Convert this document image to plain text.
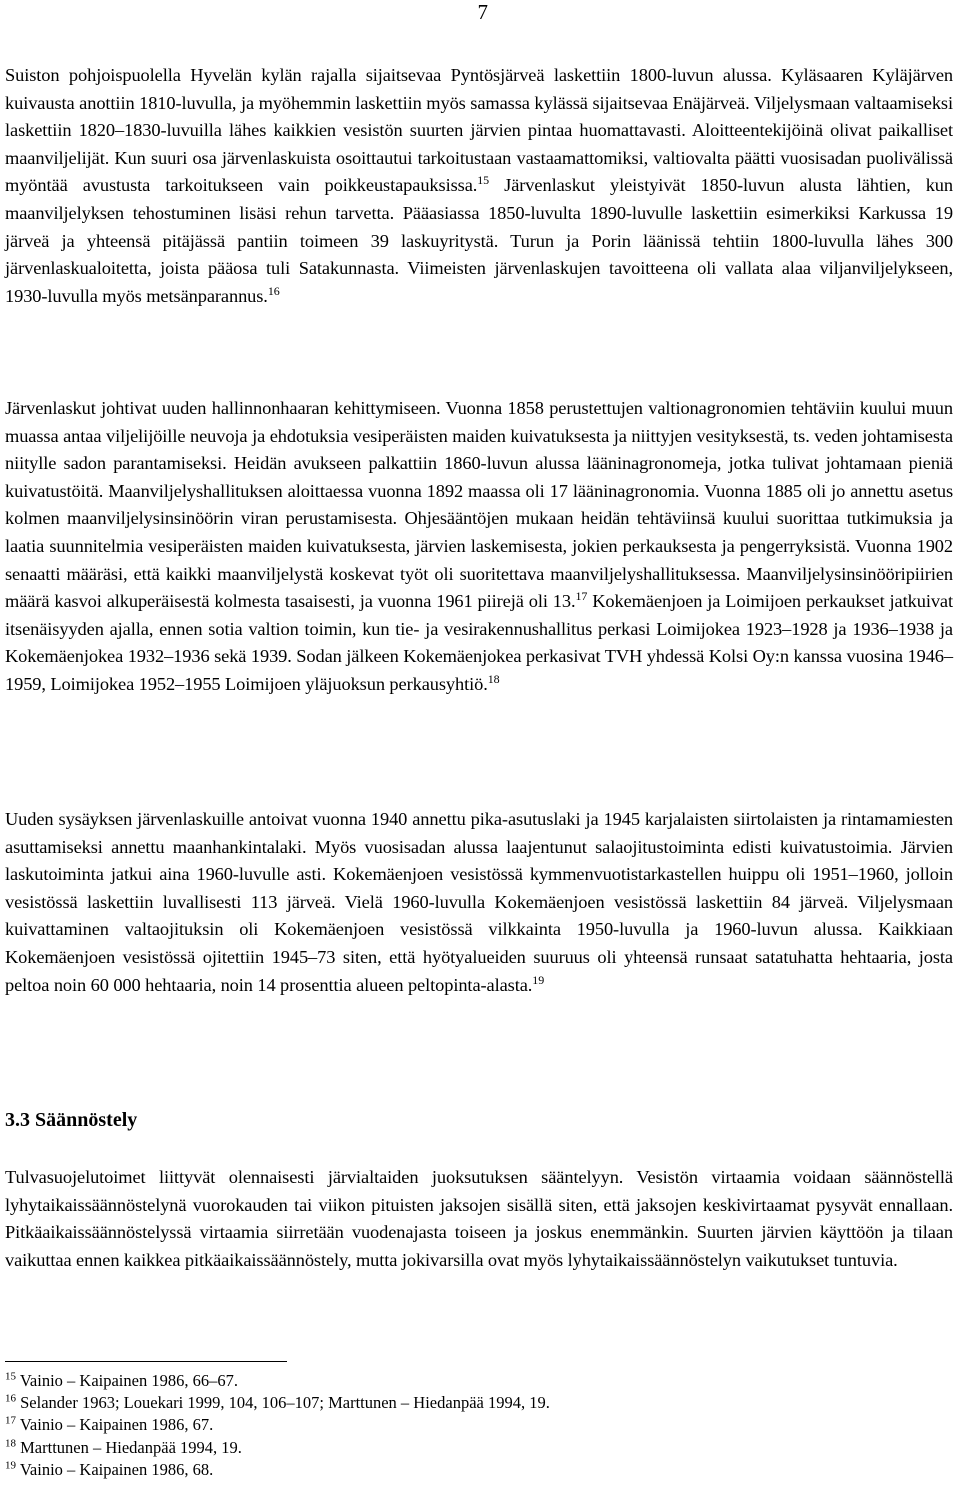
7

Suiston pohjoispuolella Hyvelän kylän rajalla sijaitsevaa Pyntösjärveä laskettiin 1800-luvun alussa. Kyläsaaren Kyläjärven kuivausta anottiin 1810-luvulla, ja myöhemmin laskettiin myös samassa kylässä sijaitsevaa Enäjärveä. Viljelysmaan valtaamiseksi laskettiin 1820–1830-luvuilla lähes kaikkien vesistön suurten järvien pintaa huomattavasti. Aloitteentekijöinä olivat paikalliset maanviljelijät. Kun suuri osa järvenlaskuista osoittautui tarkoitustaan vastaamattomiksi, valtiovalta päätti vuosisadan puolivälissä myöntää avustusta tarkoitukseen vain poikkeustapauksissa.$^{15}$ Järvenlaskut yleistyivät 1850-luvun alusta lähtien, kun maanviljelyksen tehostuminen lisäsi rehun tarvetta. Pääasiassa 1850-luvulta 1890-luvulle laskettiin esimerkiksi Karkussa 19 järveä ja yhteensä pitäjässä pantiin toimeen 39 laskuyritystä. Turun ja Porin läänissä tehtiin 1800-luvulla lähes 300 järvenlaskualoitetta, joista pääosa tuli Satakunnasta. Viimeisten järvenlaskujen tavoitteena oli vallata alaa viljanviljelykseen, 1930-luvulla myös metsänparannus.$^{16}$

Järvenlaskut johtivat uuden hallinnonhaaran kehittymiseen. Vuonna 1858 perustettujen valtionagronomien tehtäviin kuului muun muassa antaa viljelijöille neuvoja ja ehdotuksia vesiperäisten maiden kuivatuksesta ja niittyjen vesityksestä, ts. veden johtamisesta niitylle sadon parantamiseksi. Heidän avukseen palkattiin 1860-luvun alussa lääninagronomeja, jotka tulivat johtamaan pieniä kuivatustöitä. Maanviljelyshallituksen aloittaessa vuonna 1892 maassa oli 17 lääninagronomia. Vuonna 1885 oli jo annettu asetus kolmen maanviljelysinsinöörin viran perustamisesta. Ohjesääntöjen mukaan heidän tehtäviinsä kuului suorittaa tutkimuksia ja laatia suunnitelmia vesiperäisten maiden kuivatuksesta, järvien laskemisesta, jokien perkauksesta ja pengerryksistä. Vuonna 1902 senaatti määräsi, että kaikki maanviljelystä koskevat työt oli suoritettava maanviljelyshallituksessa. Maanviljelysinsinööripiirien määrä kasvoi alkuperäisestä kolmesta tasaisesti, ja vuonna 1961 piirejä oli 13.17 Kokemäenjoen ja Loimijoen perkaukset jatkuivat itsenäisyyden ajalla, ennen sotia valtion toimin, kun tie- ja vesirakennushallitus perkasi Loimijokea 1923–1928 ja 1936–1938 ja Kokemäenjokea 1932–1936 sekä 1939. Sodan jälkeen Kokemäenjokea perkasivat TVH yhdessä Kolsi Oy:n kanssa vuosina 1946–1959, Loimijokea 1952–1955 Loimijoen yläjuoksun perkausyhtiö.$^{18}$

Uuden sysäyksen järvenlaskuille antoivat vuonna 1940 annettu pika-asutuslaki ja 1945 karjalaisten siirtolaisten ja rintamamiesten asuttamiseksi annettu maanhankintalaki. Myös vuosisadan alussa laajentunut salaojitustoiminta edisti kuivatustoimia. Järvien laskutoiminta jatkui aina 1960-luvulle asti. Kokemäenjoen vesistössä kymmenvuotistarkastellen huippu oli 1951–1960, jolloin vesistössä laskettiin luvallisesti 113 järveä. Vielä 1960-luvulla Kokemäenjoen vesistössä laskettiin 84 järveä. Viljelysmaan kuivattaminen valtaojituksin oli Kokemäenjoen vesistössä vilkkainta 1950-luvulla ja 1960-luvun alussa. Kaikkiaan Kokemäenjoen vesistössä ojitettiin 1945–73 siten, että hyötyalueiden suuruus oli yhteensä runsaat satatuhatta hehtaaria, josta peltoa noin 60 000 hehtaaria, noin 14 prosenttia alueen peltopinta-alasta.$^{19}$

3.3 Säännöstely

Tulvasuojelutoimet liittyvät olennaisesti järvialtaiden juoksutuksen sääntelyyn. Vesistön virtaamia voidaan säännöstellä lyhytaikaissäännöstelynä vuorokauden tai viikon pituisten jaksojen sisällä siten, että jaksojen keskivirtaamat pysyvät ennallaan. Pitkäaikaissäännöstelyssä virtaamia siirretään vuodenajasta toiseen ja joskus enemmänkin. Suurten järvien käyttöön ja tilaan vaikuttaa ennen kaikkea pitkäaikaissäännöstely, mutta jokivarsilla ovat myös lyhytaikaissäännöstelyn vaikutukset tuntuvia.

$^{15}$ Vainio – Kaipainen 1986, 66–67.
$^{16}$ Selander 1963; Louekari 1999, 104, 106–107; Marttunen – Hiedanpää 1994, 19.
$^{17}$ Vainio – Kaipainen 1986, 67.
$^{18}$ Marttunen – Hiedanpää 1994, 19.
$^{19}$ Vainio – Kaipainen 1986, 68.
